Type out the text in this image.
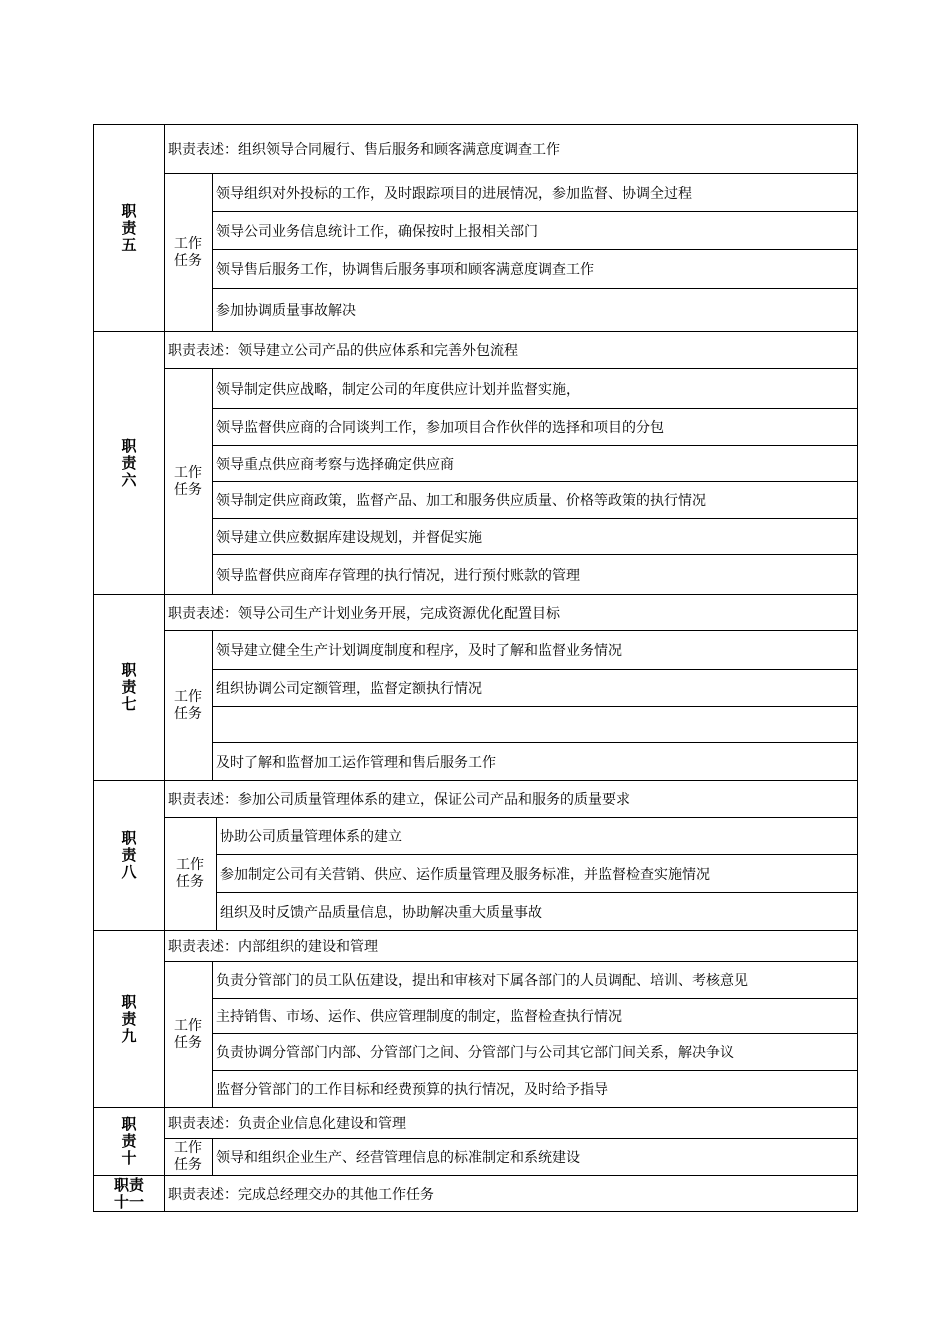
职责五
职责表述：组织领导合同履行、售后服务和顾客满意度调查工作
工作任务
领导组织对外投标的工作，及时跟踪项目的进展情况，参加监督、协调全过程
领导公司业务信息统计工作，确保按时上报相关部门
领导售后服务工作，协调售后服务事项和顾客满意度调查工作
参加协调质量事故解决
职责六
职责表述：领导建立公司产品的供应体系和完善外包流程
工作任务
领导制定供应战略，制定公司的年度供应计划并监督实施，
领导监督供应商的合同谈判工作，参加项目合作伙伴的选择和项目的分包
领导重点供应商考察与选择确定供应商
领导制定供应商政策，监督产品、加工和服务供应质量、价格等政策的执行情况
领导建立供应数据库建设规划，并督促实施
领导监督供应商库存管理的执行情况，进行预付账款的管理
职责七
职责表述：领导公司生产计划业务开展，完成资源优化配置目标
工作任务
领导建立健全生产计划调度制度和程序，及时了解和监督业务情况
组织协调公司定额管理，监督定额执行情况
及时了解和监督加工运作管理和售后服务工作
职责八
职责表述：参加公司质量管理体系的建立，保证公司产品和服务的质量要求
工作任务
协助公司质量管理体系的建立
参加制定公司有关营销、供应、运作质量管理及服务标准，并监督检查实施情况
组织及时反馈产品质量信息，协助解决重大质量事故
职责九
职责表述：内部组织的建设和管理
工作任务
负责分管部门的员工队伍建设，提出和审核对下属各部门的人员调配、培训、考核意见
主持销售、市场、运作、供应管理制度的制定，监督检查执行情况
负责协调分管部门内部、分管部门之间、分管部门与公司其它部门间关系，解决争议
监督分管部门的工作目标和经费预算的执行情况，及时给予指导
职责十
职责表述：负责企业信息化建设和管理
工作任务 领导和组织企业生产、经营管理信息的标准制定和系统建设
职责十一	职责表述：完成总经理交办的其他工作任务
